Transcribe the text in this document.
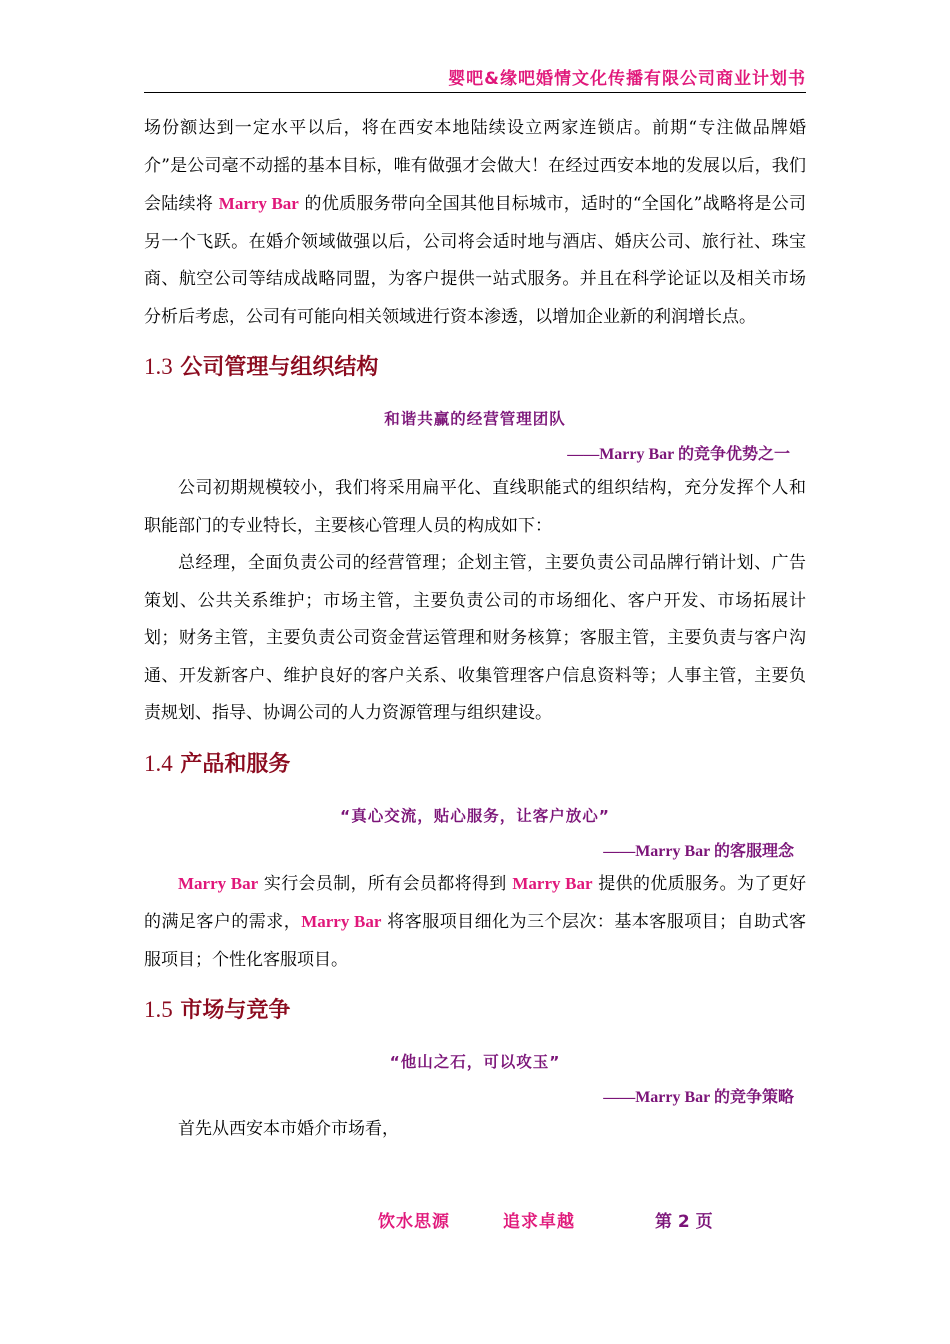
婴吧&缘吧婚情文化传播有限公司商业计划书

场份额达到一定水平以后，将在西安本地陆续设立两家连锁店。前期“专注做品牌婚介”是公司毫不动摇的基本目标，唯有做强才会做大！在经过西安本地的发展以后，我们会陆续将 Marry Bar 的优质服务带向全国其他目标城市，适时的“全国化”战略将是公司另一个飞跃。在婚介领域做强以后，公司将会适时地与酒店、婚庆公司、旅行社、珠宝商、航空公司等结成战略同盟，为客户提供一站式服务。并且在科学论证以及相关市场分析后考虑，公司有可能向相关领域进行资本渗透，以增加企业新的利润增长点。

1.3 公司管理与组织结构
和谐共赢的经营管理团队
——Marry Bar 的竞争优势之一

公司初期规模较小，我们将采用扁平化、直线职能式的组织结构，充分发挥个人和职能部门的专业特长，主要核心管理人员的构成如下：

总经理，全面负责公司的经营管理；企划主管，主要负责公司品牌行销计划、广告策划、公共关系维护；市场主管，主要负责公司的市场细化、客户开发、市场拓展计划；财务主管，主要负责公司资金营运管理和财务核算；客服主管，主要负责与客户沟通、开发新客户、维护良好的客户关系、收集管理客户信息资料等；人事主管，主要负责规划、指导、协调公司的人力资源管理与组织建设。

1.4 产品和服务
“真心交流，贴心服务，让客户放心”
——Marry Bar 的客服理念

Marry Bar 实行会员制，所有会员都将得到 Marry Bar 提供的优质服务。为了更好的满足客户的需求，Marry Bar 将客服项目细化为三个层次：基本客服项目；自助式客服项目；个性化客服项目。

1.5 市场与竞争
“他山之石，可以攻玉”
——Marry Bar 的竞争策略

首先从西安本市婚介市场看，

饮水思源	追求卓越	第 2 页
